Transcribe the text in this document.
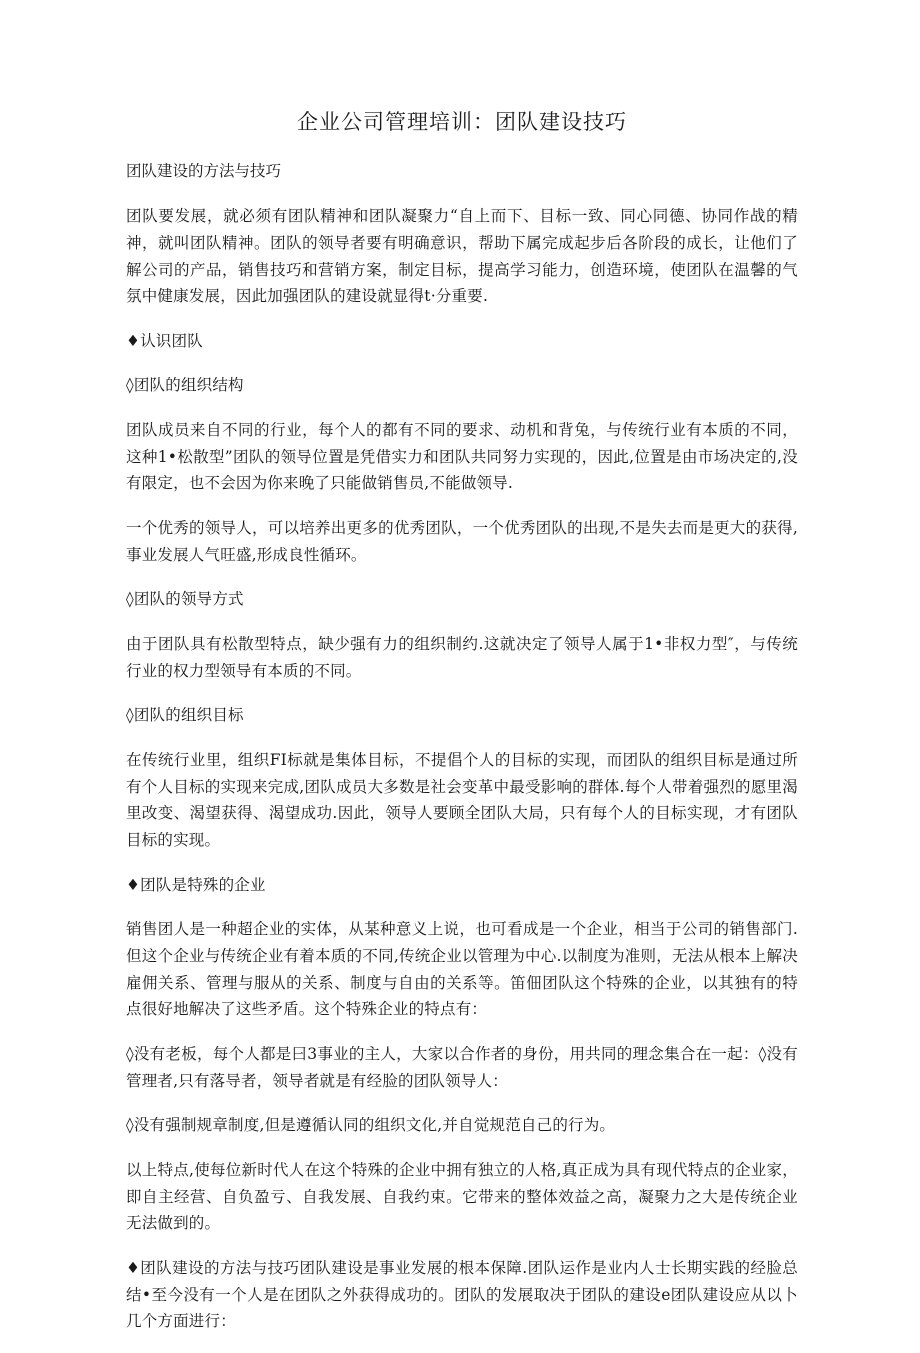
企业公司管理培训：团队建设技巧
团队建设的方法与技巧

团队要发展，就必须有团队精神和团队凝聚力“自上而下、目标一致、同心同德、协同作战的精神，就叫团队精神。团队的领导者要有明确意识，帮助下属完成起步后各阶段的成长，让他们了解公司的产品，销售技巧和营销方案，制定目标，提高学习能力，创造环境，使团队在温馨的气氛中健康发展，因此加强团队的建设就显得t·分重要.

♦认识团队

◊团队的组织结构

团队成员来自不同的行业，每个人的都有不同的要求、动机和背兔，与传统行业有本质的不同，这种1•松散型”团队的领导位置是凭借实力和团队共同努力实现的，因此,位置是由市场决定的,没有限定，也不会因为你来晚了只能做销售员,不能做领导.

一个优秀的领导人，可以培养出更多的优秀团队，一个优秀团队的出现,不是失去而是更大的获得,事业发展人气旺盛,形成良性循环。

◊团队的领导方式

由于团队具有松散型特点，缺少强有力的组织制约.这就决定了领导人属于1•非权力型″，与传统行业的权力型领导有本质的不同。

◊团队的组织目标

在传统行业里，组织FI标就是集体目标，不提倡个人的目标的实现，而团队的组织目标是通过所有个人目标的实现来完成,团队成员大多数是社会变革中最受影响的群体.每个人带着强烈的愿里渴里改变、渴望获得、渴望成功.因此，领导人要顾全团队大局，只有每个人的目标实现，才有团队目标的实现。

♦团队是特殊的企业

销售团人是一种超企业的实体，从某种意义上说，也可看成是一个企业，相当于公司的销售部门.但这个企业与传统企业有着本质的不同,传统企业以管理为中心.以制度为准则，无法从根本上解决雇佣关系、管理与服从的关系、制度与自由的关系等。笛佃团队这个特殊的企业，以其独有的特点很好地解决了这些矛盾。这个特殊企业的特点有：

◊没有老板，每个人都是曰3事业的主人，大家以合作者的身份，用共同的理念集合在一起：◊没有管理者,只有落导者，领导者就是有经脸的团队领导人：

◊没有强制规章制度,但是遵循认同的组织文化,并自觉规范自己的行为。

以上特点,使每位新时代人在这个特殊的企业中拥有独立的人格,真正成为具有现代特点的企业家，即自主经营、自负盈亏、自我发展、自我约束。它带来的整体效益之高，凝聚力之大是传统企业无法做到的。

♦团队建设的方法与技巧团队建设是事业发展的根本保障.团队运作是业内人士长期实践的经脸总结•至今没有一个人是在团队之外获得成功的。团队的发展取决于团队的建设e团队建设应从以卜几个方面进行：
